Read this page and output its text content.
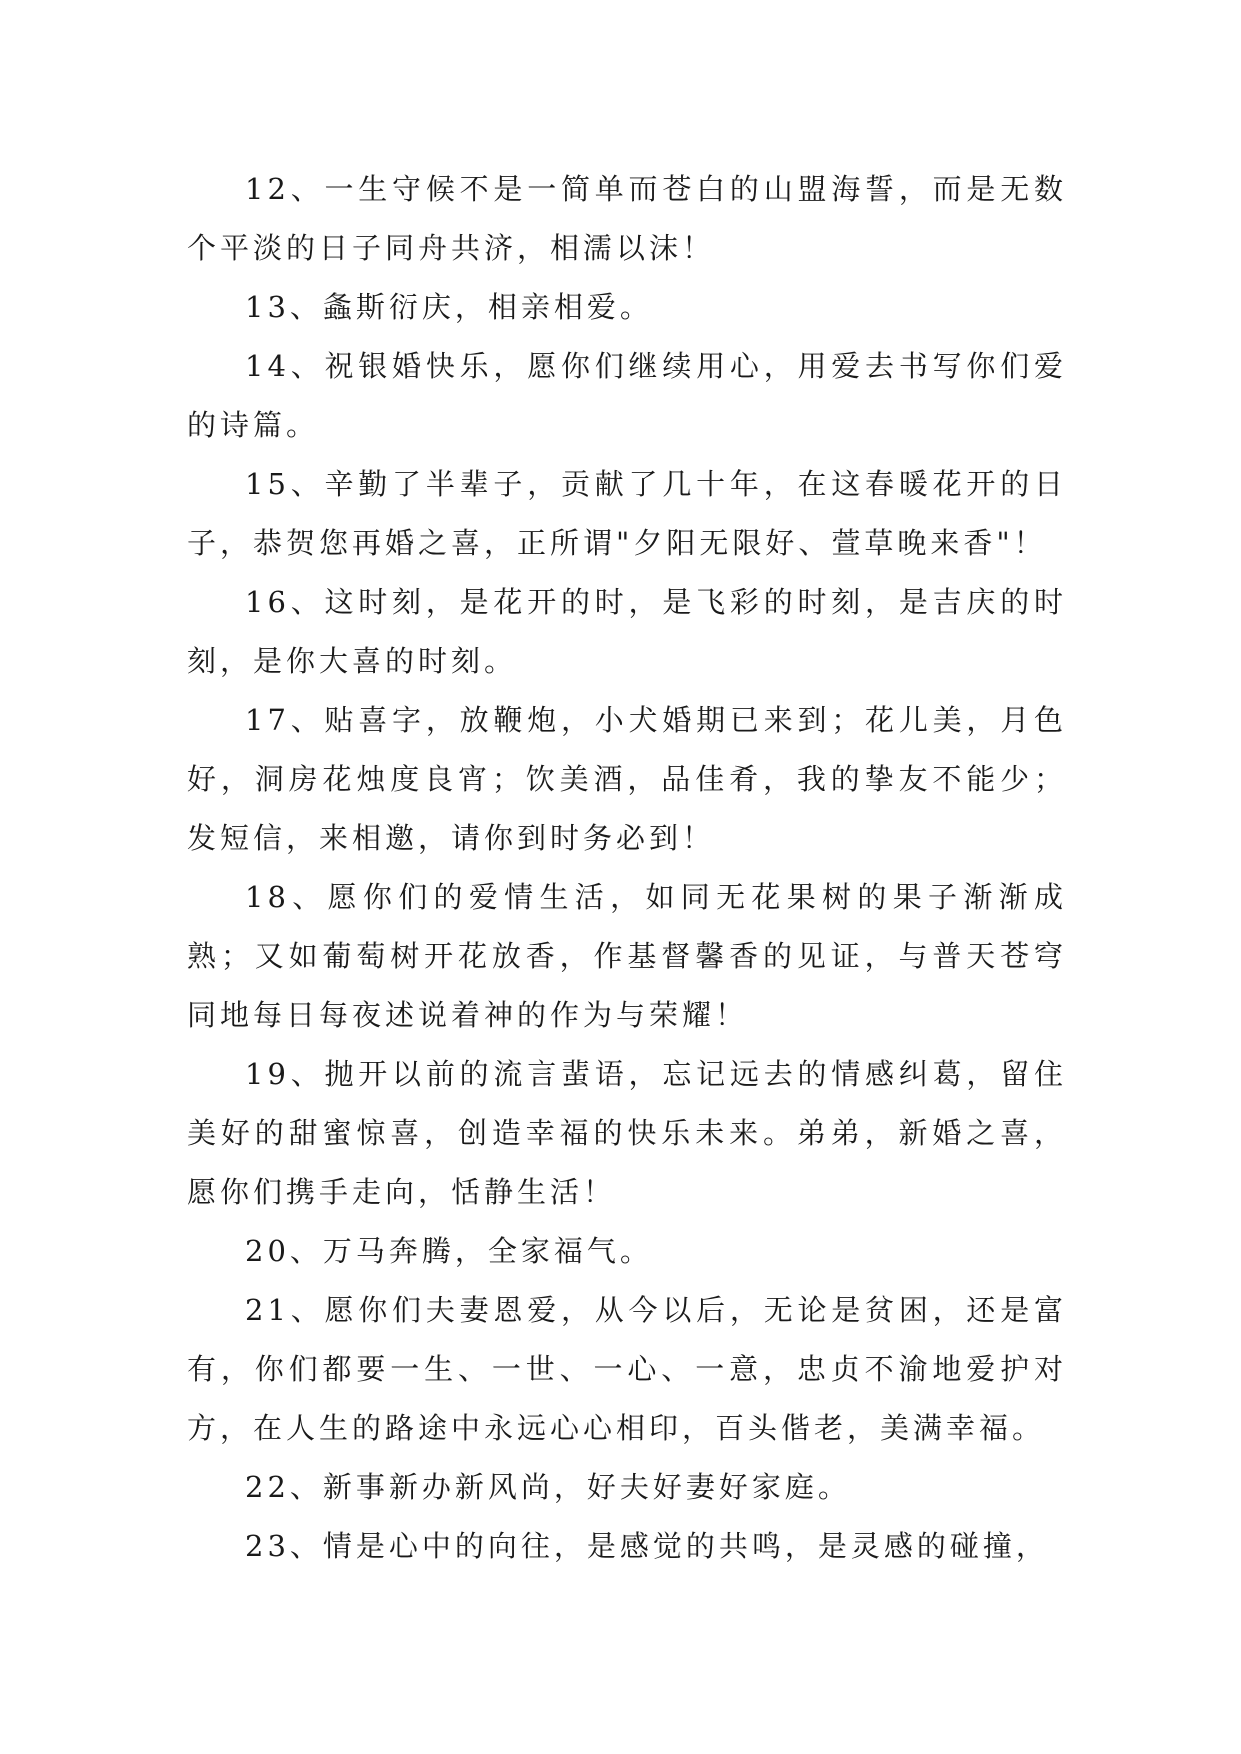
12、一生守候不是一简单而苍白的山盟海誓，而是无数个平淡的日子同舟共济，相濡以沫！

13、螽斯衍庆，相亲相爱。

14、祝银婚快乐，愿你们继续用心，用爱去书写你们爱的诗篇。

15、辛勤了半辈子，贡献了几十年，在这春暖花开的日子，恭贺您再婚之喜，正所谓"夕阳无限好、萱草晚来香"！

16、这时刻，是花开的时，是飞彩的时刻，是吉庆的时刻，是你大喜的时刻。

17、贴喜字，放鞭炮，小犬婚期已来到；花儿美，月色好，洞房花烛度良宵；饮美酒，品佳肴，我的挚友不能少；发短信，来相邀，请你到时务必到！

18、愿你们的爱情生活，如同无花果树的果子渐渐成熟；又如葡萄树开花放香，作基督馨香的见证，与普天苍穹同地每日每夜述说着神的作为与荣耀！

19、抛开以前的流言蜚语，忘记远去的情感纠葛，留住美好的甜蜜惊喜，创造幸福的快乐未来。弟弟，新婚之喜，愿你们携手走向，恬静生活！

20、万马奔腾，全家福气。

21、愿你们夫妻恩爱，从今以后，无论是贫困，还是富有，你们都要一生、一世、一心、一意，忠贞不渝地爱护对方，在人生的路途中永远心心相印，百头偕老，美满幸福。

22、新事新办新风尚，好夫好妻好家庭。

23、情是心中的向往，是感觉的共鸣，是灵感的碰撞，
